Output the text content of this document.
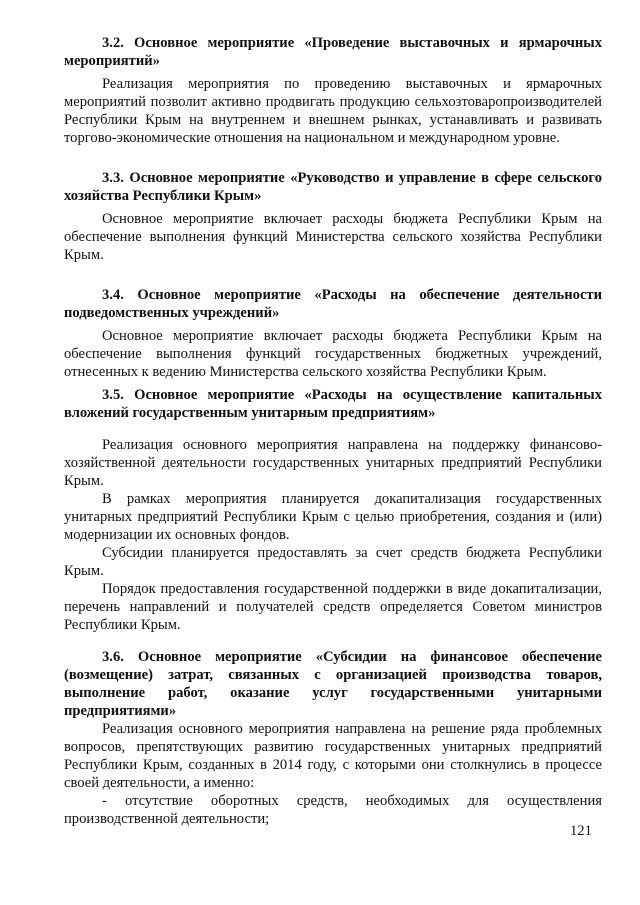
3.2. Основное мероприятие «Проведение выставочных и ярмарочных мероприятий»

Реализация мероприятия по проведению выставочных и ярмарочных мероприятий позволит активно продвигать продукцию сельхозтоваропроизводителей Республики Крым на внутреннем и внешнем рынках, устанавливать и развивать торгово-экономические отношения на национальном и международном уровне.

3.3. Основное мероприятие «Руководство и управление в сфере сельского хозяйства Республики Крым»

Основное мероприятие включает расходы бюджета Республики Крым на обеспечение выполнения функций Министерства сельского хозяйства Республики Крым.

3.4. Основное мероприятие «Расходы на обеспечение деятельности подведомственных учреждений»

Основное мероприятие включает расходы бюджета Республики Крым на обеспечение выполнения функций государственных бюджетных учреждений, отнесенных к ведению Министерства сельского хозяйства Республики Крым.

3.5. Основное мероприятие «Расходы на осуществление капитальных вложений государственным унитарным предприятиям»

Реализация основного мероприятия направлена на поддержку финансово-хозяйственной деятельности государственных унитарных предприятий Республики Крым.

В рамках мероприятия планируется докапитализация государственных унитарных предприятий Республики Крым с целью приобретения, создания и (или) модернизации их основных фондов.

Субсидии планируется предоставлять за счет средств бюджета Республики Крым.

Порядок предоставления государственной поддержки в виде докапитализации, перечень направлений и получателей средств определяется Советом министров Республики Крым.

3.6. Основное мероприятие «Субсидии на финансовое обеспечение (возмещение) затрат, связанных с организацией производства товаров, выполнение работ, оказание услуг государственными унитарными предприятиями»

Реализация основного мероприятия направлена на решение ряда проблемных вопросов, препятствующих развитию государственных унитарных предприятий Республики Крым, созданных в 2014 году, с которыми они столкнулись в процессе своей деятельности, а именно:

- отсутствие оборотных средств, необходимых для осуществления производственной деятельности;

121
